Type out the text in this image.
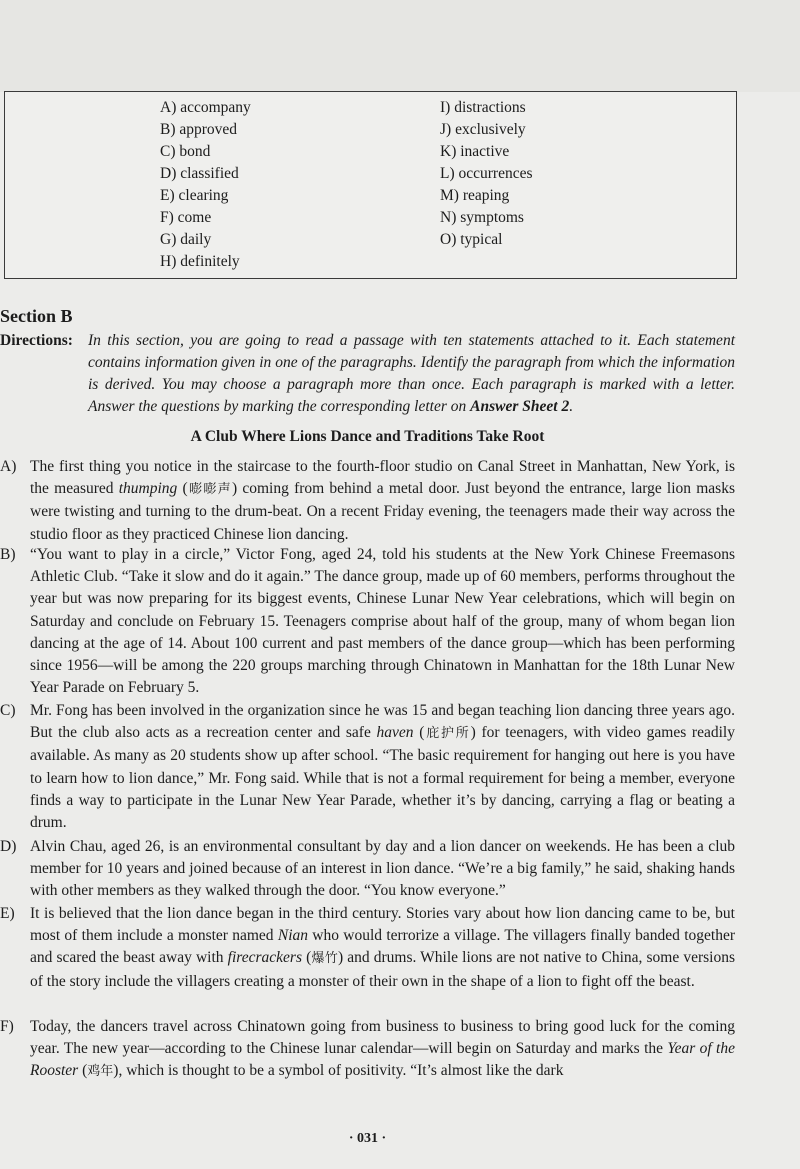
A) accompany
B) approved
C) bond
D) classified
E) clearing
F) come
G) daily
H) definitely
I) distractions
J) exclusively
K) inactive
L) occurrences
M) reaping
N) symptoms
O) typical
Section B
Directions: In this section, you are going to read a passage with ten statements attached to it. Each statement contains information given in one of the paragraphs. Identify the paragraph from which the information is derived. You may choose a paragraph more than once. Each paragraph is marked with a letter. Answer the questions by marking the corresponding letter on Answer Sheet 2.
A Club Where Lions Dance and Traditions Take Root
A) The first thing you notice in the staircase to the fourth-floor studio on Canal Street in Manhattan, New York, is the measured thumping (嘭嘭声) coming from behind a metal door. Just beyond the entrance, large lion masks were twisting and turning to the drum-beat. On a recent Friday evening, the teenagers made their way across the studio floor as they practiced Chinese lion dancing.
B) “You want to play in a circle,” Victor Fong, aged 24, told his students at the New York Chinese Freemasons Athletic Club. “Take it slow and do it again.” The dance group, made up of 60 members, performs throughout the year but was now preparing for its biggest events, Chinese Lunar New Year celebrations, which will begin on Saturday and conclude on February 15. Teenagers comprise about half of the group, many of whom began lion dancing at the age of 14. About 100 current and past members of the dance group—which has been performing since 1956—will be among the 220 groups marching through Chinatown in Manhattan for the 18th Lunar New Year Parade on February 5.
C) Mr. Fong has been involved in the organization since he was 15 and began teaching lion dancing three years ago. But the club also acts as a recreation center and safe haven (庇护所) for teenagers, with video games readily available. As many as 20 students show up after school. “The basic requirement for hanging out here is you have to learn how to lion dance,” Mr. Fong said. While that is not a formal requirement for being a member, everyone finds a way to participate in the Lunar New Year Parade, whether it’s by dancing, carrying a flag or beating a drum.
D) Alvin Chau, aged 26, is an environmental consultant by day and a lion dancer on weekends. He has been a club member for 10 years and joined because of an interest in lion dance. “We’re a big family,” he said, shaking hands with other members as they walked through the door. “You know everyone.”
E) It is believed that the lion dance began in the third century. Stories vary about how lion dancing came to be, but most of them include a monster named Nian who would terrorize a village. The villagers finally banded together and scared the beast away with firecrackers (爆竹) and drums. While lions are not native to China, some versions of the story include the villagers creating a monster of their own in the shape of a lion to fight off the beast.
F) Today, the dancers travel across Chinatown going from business to business to bring good luck for the coming year. The new year—according to the Chinese lunar calendar—will begin on Saturday and marks the Year of the Rooster (鸡年), which is thought to be a symbol of positivity. “It’s almost like the dark
· 031 ·
